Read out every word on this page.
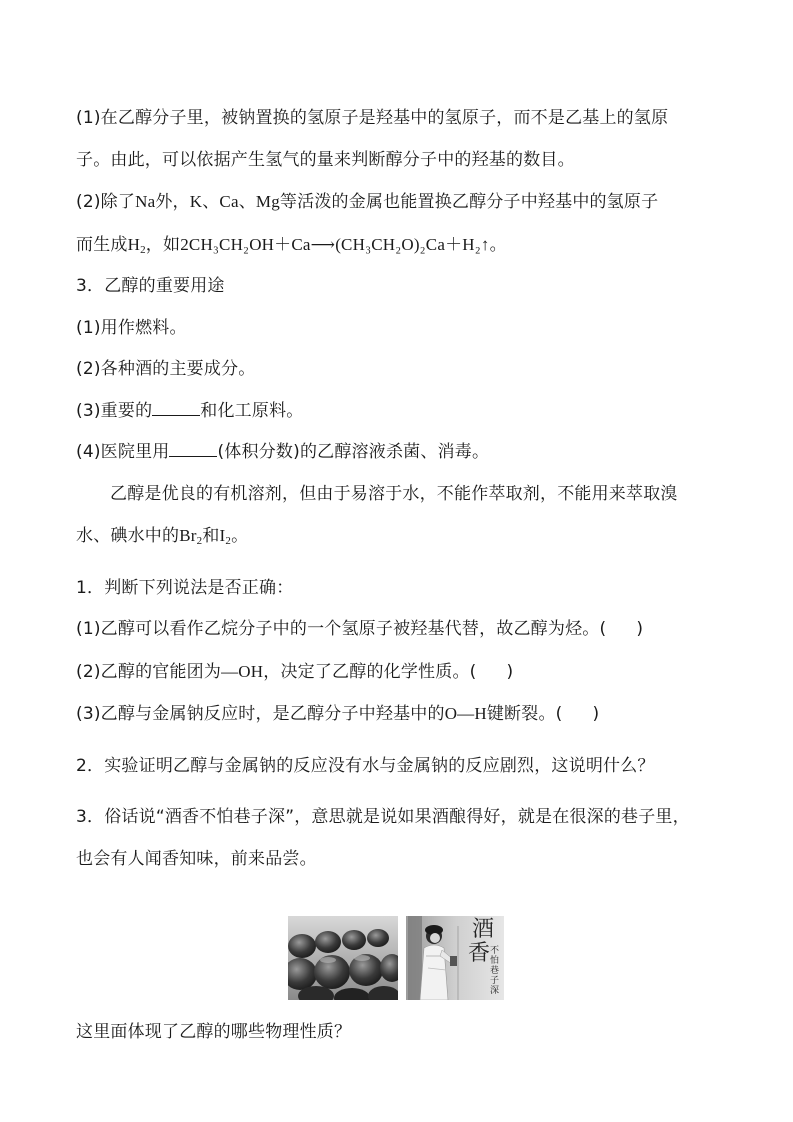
(1)在乙醇分子里，被钠置换的氢原子是羟基中的氢原子，而不是乙基上的氢原
子。由此，可以依据产生氢气的量来判断醇分子中的羟基的数目。
(2)除了Na外，K、Ca、Mg等活泼的金属也能置换乙醇分子中羟基中的氢原子
而生成$H_2$，如2CH₃CH₂OH＋Ca⟶(CH₃CH₂O)₂Ca＋H₂↑。
3．乙醇的重要用途
(1)用作燃料。
(2)各种酒的主要成分。
(3)重要的	和化工原料。
(4)医院里用	(体积分数)的乙醇溶液杀菌、消毒。
乙醇是优良的有机溶剂，但由于易溶于水，不能作萃取剂，不能用来萃取溴
水、碘水中的$Br_2$和$I_2$。
1．判断下列说法是否正确：
(1)乙醇可以看作乙烷分子中的一个氢原子被羟基代替，故乙醇为烃。( )
(2)乙醇的官能团为—OH，决定了乙醇的化学性质。( )
(3)乙醇与金属钠反应时，是乙醇分子中羟基中的O—H键断裂。( )
2．实验证明乙醇与金属钠的反应没有水与金属钠的反应剧烈，这说明什么？
3．俗话说“酒香不怕巷子深”，意思就是说如果酒酿得好，就是在很深的巷子里，
也会有人闻香知味，前来品尝。
酒
香 不怕巷子深
这里面体现了乙醇的哪些物理性质？
